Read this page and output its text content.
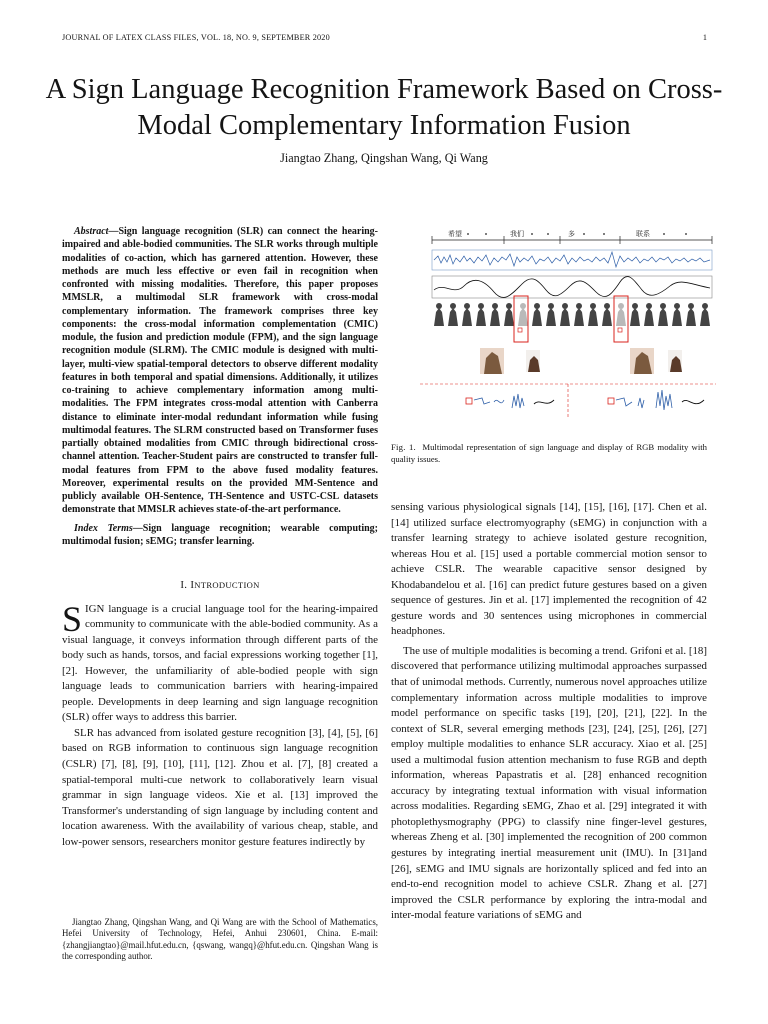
JOURNAL OF LATEX CLASS FILES, VOL. 18, NO. 9, SEPTEMBER 2020	1
A Sign Language Recognition Framework Based on Cross-Modal Complementary Information Fusion
Jiangtao Zhang, Qingshan Wang, Qi Wang

Abstract—Sign language recognition (SLR) can connect the hearing-impaired and able-bodied communities. The SLR works through multiple modalities of co-action, which has garnered attention. However, these methods are much less effective or even fail in recognition when confronted with missing modalities. Therefore, this paper proposes MMSLR, a multimodal SLR framework with cross-modal complementary information. The framework comprises three key components: the cross-modal information complementation (CMIC) module, the fusion and prediction module (FPM), and the sign language recognition module (SLRM). The CMIC module is designed with multi-layer, multi-view spatial-temporal detectors to observe different modality features in both temporal and spatial dimensions. Additionally, it utilizes co-training to achieve complementary information among multi-modalities. The FPM integrates cross-modal attention with Canberra distance to eliminate inter-modal redundant information while fusing multimodal features. The SLRM constructed based on Transformer fuses partially obtained modalities from CMIC through bidirectional cross-channel attention. Teacher-Student pairs are constructed to transfer full-modal features from FPM to the above fused modality features. Moreover, experimental results on the provided MM-Sentence and publicly available OH-Sentence, TH-Sentence and USTC-CSL datasets demonstrate that MMSLR achieves state-of-the-art performance.

Index Terms—Sign language recognition; wearable computing; multimodal fusion; sEMG; transfer learning.

I. INTRODUCTION

SIGN language is a crucial language tool for the hearing-impaired community to communicate with the able-bodied community. As a visual language, it conveys information through different parts of the body such as hands, torsos, and facial expressions working together [1], [2]. However, the unfamiliarity of able-bodied people with sign language leads to communication barriers with hearing-impaired people. Developments in deep learning and sign language recognition (SLR) offer ways to address this barrier.

SLR has advanced from isolated gesture recognition [3], [4], [5], [6] based on RGB information to continuous sign language recognition (CSLR) [7], [8], [9], [10], [11], [12]. Zhou et al. [7], [8] created a spatial-temporal multi-cue network to collaboratively learn visual grammar in sign language videos. Xie et al. [13] improved the Transformer's understanding of sign language by including content and location awareness. With the availability of various cheap, stable, and low-power sensors, researchers monitor gesture features indirectly by

Jiangtao Zhang, Qingshan Wang, and Qi Wang are with the School of Mathematics, Hefei University of Technology, Hefei, Anhui 230601, China. E-mail: {zhangjiangtao}@mail.hfut.edu.cn, {qswang, wangq}@hfut.edu.cn. Qingshan Wang is the corresponding author.
希望	我们	多	联系
Fig. 1. Multimodal representation of sign language and display of RGB modality with quality issues.

sensing various physiological signals [14], [15], [16], [17]. Chen et al.[14] utilized surface electromyography (sEMG) in conjunction with a transfer learning strategy to achieve isolated gesture recognition, whereas Hou et al. [15] used a portable commercial motion sensor to achieve CSLR. The wearable capacitive sensor designed by Khodabandelou et al. [16] can predict future gestures based on a given sequence of gestures. Jin et al. [17] implemented the recognition of 42 gesture words and 30 sentences using microphones in commercial headphones.

The use of multiple modalities is becoming a trend. Grifoni et al. [18] discovered that performance utilizing multimodal approaches surpassed that of unimodal methods. Currently, numerous novel approaches utilize complementary information across multiple modalities to improve model performance on specific tasks [19], [20], [21], [22]. In the context of SLR, several emerging methods [23], [24], [25], [26], [27] employ multiple modalities to enhance SLR accuracy. Xiao et al. [25] used a multimodal fusion attention mechanism to fuse RGB and depth information, whereas Papastratis et al. [28] enhanced recognition accuracy by integrating textual information with visual information across modalities. Regarding sEMG, Zhao et al. [29] integrated it with photoplethysmography (PPG) to classify nine finger-level gestures, whereas Zheng et al. [30] implemented the recognition of 200 common gestures by integrating inertial measurement unit (IMU). In [31]and [26], sEMG and IMU signals are horizontally spliced and fed into an end-to-end recognition model to achieve CSLR. Zhang et al. [27] improved the CSLR performance by exploring the intra-modal and inter-modal feature variations of sEMG and
